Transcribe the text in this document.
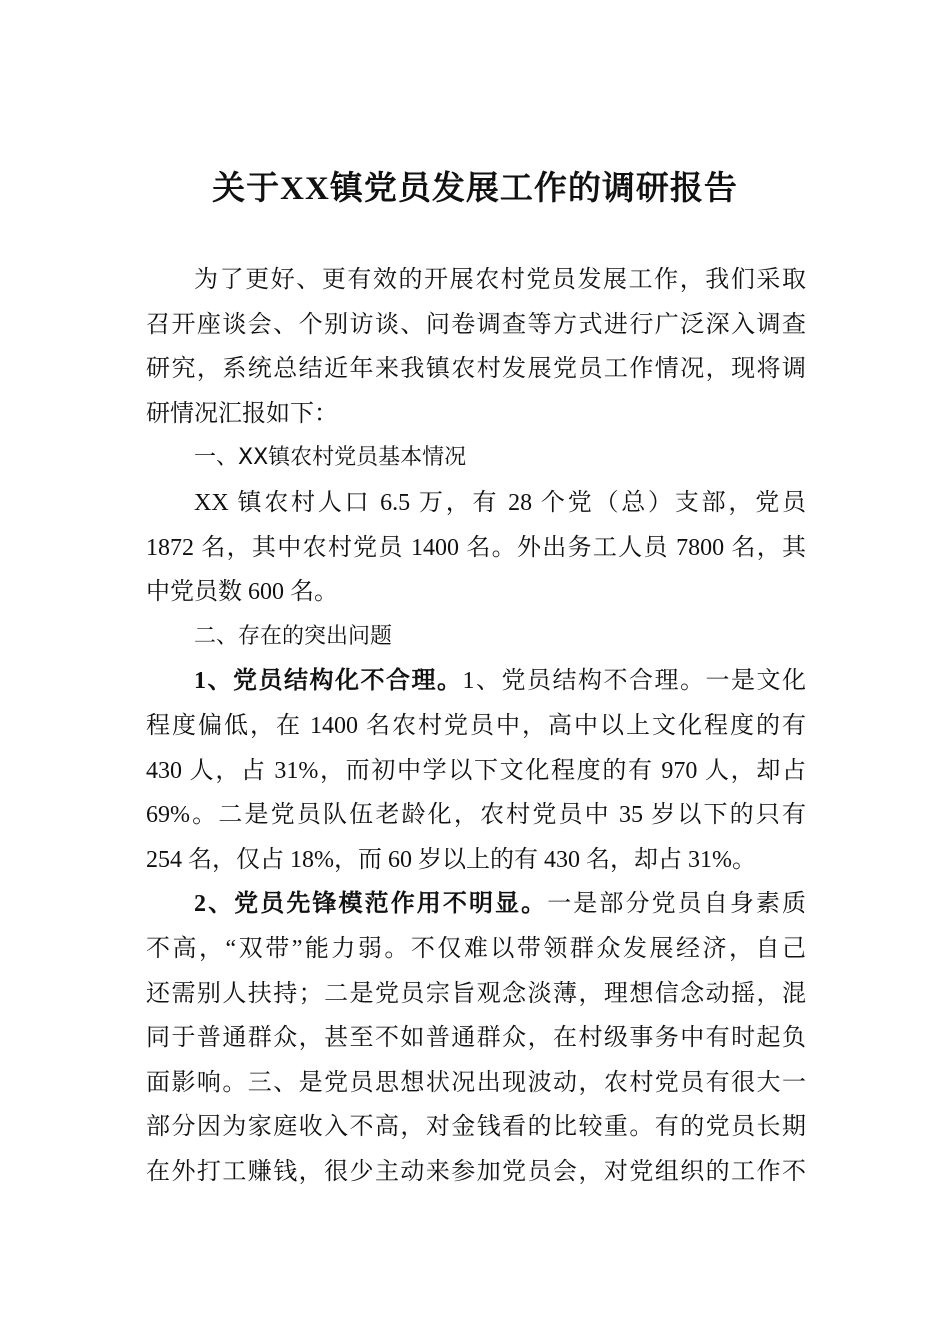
关于XX镇党员发展工作的调研报告
为了更好、更有效的开展农村党员发展工作，我们采取
召开座谈会、个别访谈、问卷调查等方式进行广泛深入调查
研究，系统总结近年来我镇农村发展党员工作情况，现将调
研情况汇报如下：
一、XX镇农村党员基本情况
XX 镇农村人口 6.5 万，有 28 个党（总）支部，党员
1872 名，其中农村党员 1400 名。外出务工人员 7800 名，其
中党员数 600 名。
二、存在的突出问题
1、党员结构化不合理。1、党员结构不合理。一是文化
程度偏低，在 1400 名农村党员中，高中以上文化程度的有
430 人，占 31%，而初中学以下文化程度的有 970 人，却占
69%。二是党员队伍老龄化，农村党员中 35 岁以下的只有
254 名，仅占 18%，而 60 岁以上的有 430 名，却占 31%。
2、党员先锋模范作用不明显。一是部分党员自身素质
不高，“双带”能力弱。不仅难以带领群众发展经济，自己
还需别人扶持；二是党员宗旨观念淡薄，理想信念动摇，混
同于普通群众，甚至不如普通群众，在村级事务中有时起负
面影响。三、是党员思想状况出现波动，农村党员有很大一
部分因为家庭收入不高，对金钱看的比较重。有的党员长期
在外打工赚钱，很少主动来参加党员会，对党组织的工作不
